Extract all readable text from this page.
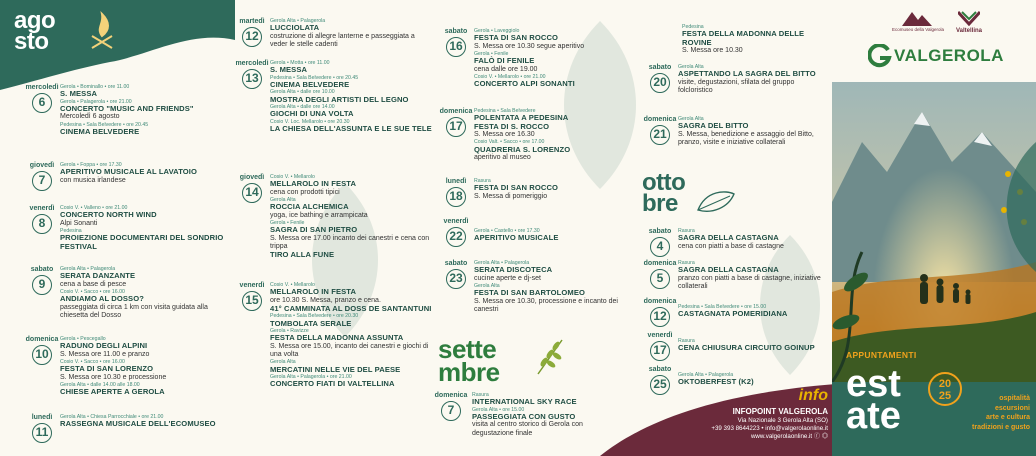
ago
sto
mercoledì
6
Gerola • Bominallo • ore 11.00
S. MESSA
Gerola • Palagerola • ore 21.00
CONCERTO "MUSIC AND FRIENDS"
Mercoledì 6 agosto
Pedesina • Sala Belvedere • ore 20.45
CINEMA BELVEDERE
giovedì
7
Gerola • Foppa • ore 17.30
APERITIVO MUSICALE AL LAVATOIO
con musica irlandese
venerdì
8
Cosio V. • Valleno • ore 21.00
CONCERTO NORTH WIND
Alpi Sonanti
Pedesina
PROIEZIONE DOCUMENTARI DEL SONDRIO FESTIVAL
sabato
9
Gerola Alta • Palagerola
SERATA DANZANTE
cena a base di pesce
Cosio V. • Sacco • ore 16.00
ANDIAMO AL DOSSO?
passeggiata di circa 1 km con visita guidata alla chiesetta del Dosso
domenica
10
Gerola • Pescegallo
RADUNO DEGLI ALPINI
S. Messa ore 11.00 e pranzo
Cosio V. • Sacco • ore 16.00
FESTA DI SAN LORENZO
S. Messa ore 10.30 e processione
Gerola Alta • dalle 14.00 alle 18.00
CHIESE APERTE A GEROLA
lunedì
11
Gerola Alta • Chiesa Parrocchiale • ore 21.00
RASSEGNA MUSICALE DELL'ECOMUSEO
martedì
12
Gerola Alta • Palagerola
LUCCIOLATA
costruzione di allegre lanterne e passeggiata a veder le stelle cadenti
mercoledì
13
Gerola • Motta • ore 11.00
S. MESSA
Pedesina • Sala Belvedere • ore 20.45
CINEMA BELVEDERE
Gerola Alta • dalle ore 10.00
MOSTRA DEGLI ARTISTI DEL LEGNO
Gerola Alta • dalle ore 14.00
GIOCHI DI UNA VOLTA
Cosio V. Loc. Mellarolo • ore 20.30
LA CHIESA DELL'ASSUNTA E LE SUE TELE
giovedì
14
Cosio V. • Mellarolo
MELLAROLO IN FESTA
cena con prodotti tipici
Gerola Alta
ROCCIA ALCHEMICA
yoga, ice bathing e arrampicata
Gerola • Fenile
SAGRA DI SAN PIETRO
S. Messa ore 17.00 incanto dei canestri e cena con trippa
TIRO ALLA FUNE
venerdì
15
Cosio V. • Mellarolo
MELLAROLO IN FESTA
ore 10.30 S. Messa, pranzo e cena.
41° CAMMINATA AL DOSS DE SANTANTUNI
Pedesina • Sala Belvedere • ore 20.30
TOMBOLATA SERALE
Gerola • Ravizze
FESTA DELLA MADONNA ASSUNTA
S. Messa ore 15.00, incanto dei canestri e giochi di una volta
Gerola Alta
MERCATINI NELLE VIE DEL PAESE
Gerola Alta • Palagerola • ore 21.00
CONCERTO FIATI DI VALTELLINA
sabato
16
Gerola • Laveggiolo
FESTA DI SAN ROCCO
S. Messa ore 10.30 segue aperitivo
Gerola • Fenile
FALÒ DI FENILE
cena dalle ore 19.00
Cosio V. • Mellarolo • ore 21.00
CONCERTO ALPI SONANTI
domenica
17
Pedesina • Sala Belvedere
POLENTATA A PEDESINA
FESTA DI S. ROCCO
S. Messa ore 16.30
Cosio Valt. • Sacco • ore 17.00
QUADRERIA S. LORENZO
aperitivo al museo
lunedì
18
Rasura
FESTA DI SAN ROCCO
S. Messa di pomeriggio
venerdì
22	Gerola • Castello • ore 17.30
APERITIVO MUSICALE
sabato
23
Gerola Alta • Palagerola
SERATA DISCOTECA
cucine aperte e dj-set
Gerola Alta
FESTA DI SAN BARTOLOMEO
S. Messa ore 10.30, processione e incanto dei canestri
sette
mbre
domenica
7
Rasura
INTERNATIONAL SKY RACE
Gerola Alta • ore 15.00
PASSEGGIATA CON GUSTO
visita al centro storico di Gerola con degustazione finale
Pedesina
FESTA DELLA MADONNA DELLE ROVINE
S. Messa ore 10.30
sabato
20
Gerola Alta
ASPETTANDO LA SAGRA DEL BITTO
visite, degustazioni, sfilata del gruppo folcloristico
domenica
21
Gerola Alta
SAGRA DEL BITTO
S. Messa, benedizione e assaggio del Bitto, pranzo, visite e iniziative collaterali
otto
bre
sabato
4
Rasura
SAGRA DELLA CASTAGNA
cena con piatti a base di castagne
domenica
5
Rasura
SAGRA DELLA CASTAGNA
pranzo con piatti a base di castagne, iniziative collaterali
domenica
12
Pedesina • Sala Belvedere • ore 15.00
CASTAGNATA POMERIDIANA
venerdì
17
Rasura
CENA CHIUSURA CIRCUITO GOINUP
sabato
25
Gerola Alta • Palagerola
OKTOBERFEST (K2)
info
INFOPOINT VALGEROLA
Via Nazionale 3 Gerola Alta (SO)
+39 393 8644223 • info@valgerolaonline.it
www.valgerolaonline.it ⓕ ◎
Ecomuseo della Valgerola	Valtellina
VALGEROLA
APPUNTAMENTI
est
ate
20
25	ospitalità
escursioni
arte e cultura
tradizioni e gusto
